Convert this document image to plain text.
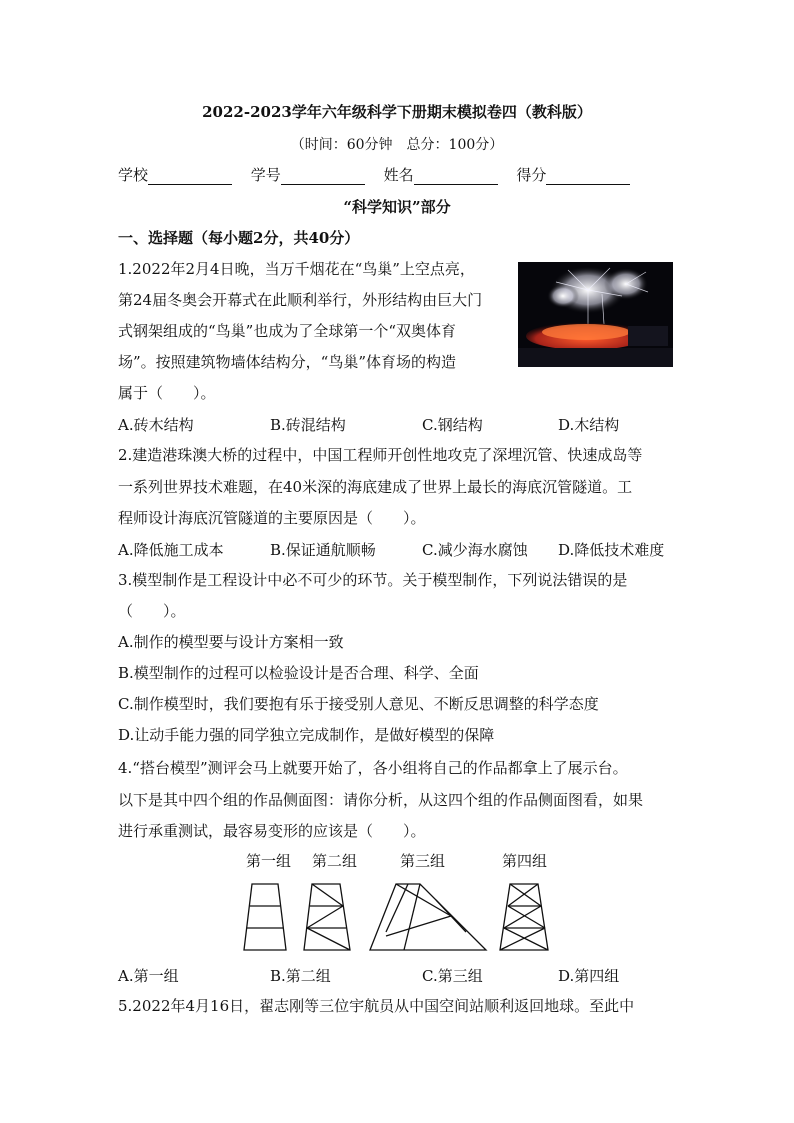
2022-2023学年六年级科学下册期末模拟卷四（教科版）
（时间：60分钟　总分：100分）
学校	学号	姓名	得分
“科学知识”部分
一、选择题（每小题2分，共40分）
1.2022年2月4日晚，当万千烟花在“鸟巢”上空点亮，
第24届冬奥会开幕式在此顺利举行，外形结构由巨大门
式钢架组成的“鸟巢”也成为了全球第一个“双奥体育
场”。按照建筑物墙体结构分，“鸟巢”体育场的构造
属于（　　）。
A.砖木结构	B.砖混结构	C.钢结构	D.木结构
2.建造港珠澳大桥的过程中，中国工程师开创性地攻克了深埋沉管、快速成岛等
一系列世界技术难题，在40米深的海底建成了世界上最长的海底沉管隧道。工
程师设计海底沉管隧道的主要原因是（　　）。
A.降低施工成本	B.保证通航顺畅	C.减少海水腐蚀 D.降低技术难度
3.模型制作是工程设计中必不可少的环节。关于模型制作，下列说法错误的是
（　　）。
A.制作的模型要与设计方案相一致
B.模型制作的过程可以检验设计是否合理、科学、全面
C.制作模型时，我们要抱有乐于接受别人意见、不断反思调整的科学态度
D.让动手能力强的同学独立完成制作，是做好模型的保障
4.“搭台模型”测评会马上就要开始了，各小组将自己的作品都拿上了展示台。
以下是其中四个组的作品侧面图：请你分析，从这四个组的作品侧面图看，如果
进行承重测试，最容易变形的应该是（　　）。
第一组 第二组	第三组	第四组
A.第一组	B.第二组	C.第三组	D.第四组
5.2022年4月16日，翟志刚等三位宇航员从中国空间站顺利返回地球。至此中
